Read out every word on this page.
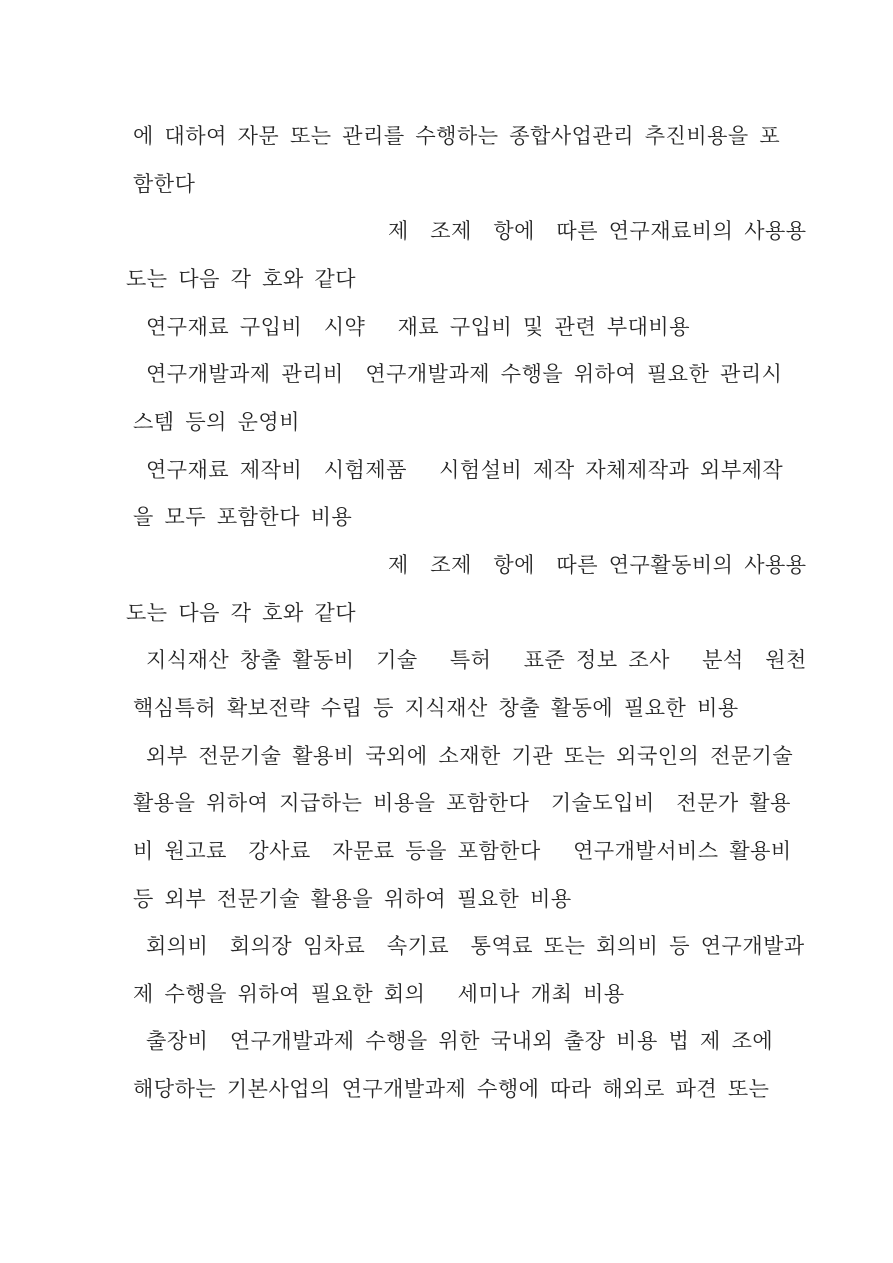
에 대하여 자문 또는 관리를 수행하는 종합사업관리 추진비용을 포
함한다
제  조제  항에  따른 연구재료비의 사용용
도는 다음 각 호와 같다
연구재료 구입비  시약   재료 구입비 및 관련 부대비용
연구개발과제 관리비  연구개발과제 수행을 위하여 필요한 관리시
스템 등의 운영비
연구재료 제작비  시험제품   시험설비 제작 자체제작과 외부제작
을 모두 포함한다 비용
제  조제  항에  따른 연구활동비의 사용용
도는 다음 각 호와 같다
지식재산 창출 활동비  기술   특허   표준 정보 조사   분석  원천
핵심특허 확보전략 수립 등 지식재산 창출 활동에 필요한 비용
외부 전문기술 활용비 국외에 소재한 기관 또는 외국인의 전문기술
활용을 위하여 지급하는 비용을 포함한다  기술도입비  전문가 활용
비 원고료  강사료  자문료 등을 포함한다   연구개발서비스 활용비
등 외부 전문기술 활용을 위하여 필요한 비용
회의비  회의장 임차료  속기료  통역료 또는 회의비 등 연구개발과
제 수행을 위하여 필요한 회의   세미나 개최 비용
출장비  연구개발과제 수행을 위한 국내외 출장 비용 법 제 조에
해당하는 기본사업의 연구개발과제 수행에 따라 해외로 파견 또는
